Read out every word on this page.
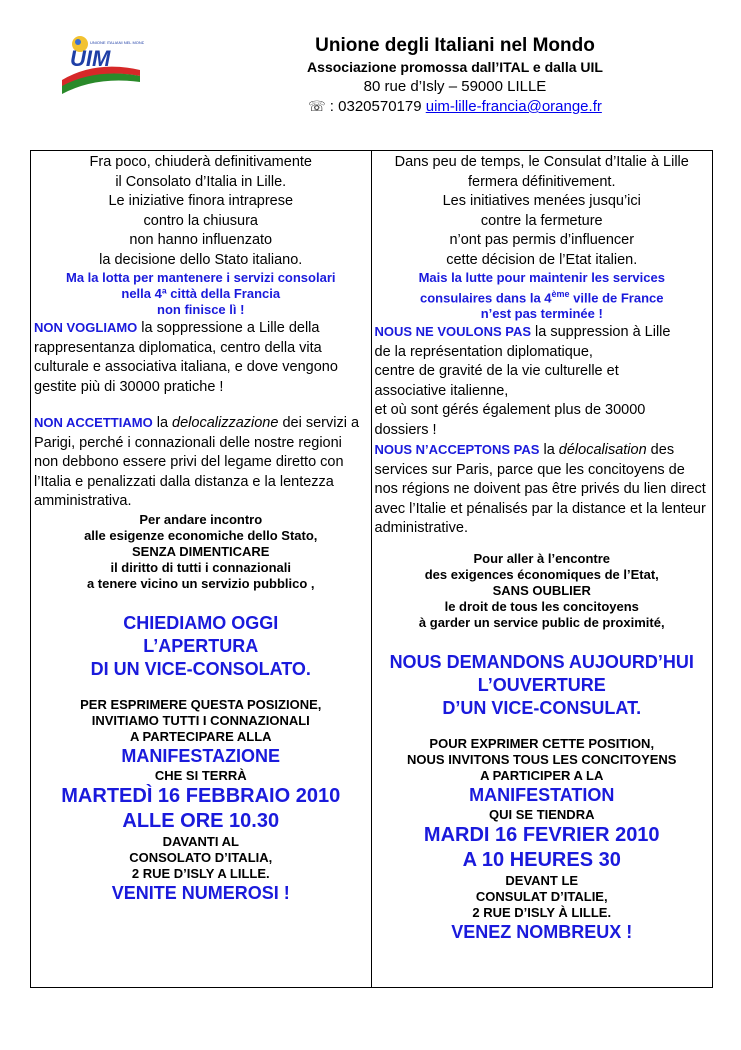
UIM
UNIONE ITALIANI NEL MONDO	Unione degli Italiani nel Mondo
Associazione promossa dall’ITAL e dalla UIL
80 rue d’Isly – 59000 LILLE
☏ : 0320570179 uim-lille-francia@orange.fr
Fra poco, chiuderà definitivamente
il Consolato d’Italia in Lille.
Le iniziative finora intraprese
contro la chiusura
non hanno influenzato
la decisione dello Stato italiano.
Ma la lotta per mantenere i servizi consolari
nella 4ª città della Francia
non finisce lì !
NON VOGLIAMO la soppressione a Lille della rappresentanza diplomatica, centro della vita culturale e associativa italiana, e dove vengono gestite più di 30000 pratiche !
NON ACCETTIAMO la delocalizzazione dei servizi a Parigi, perché i connazionali delle nostre regioni non debbono essere privi del legame diretto con l’Italia e penalizzati dalla distanza e la lentezza amministrativa.
Per andare incontro
alle esigenze economiche dello Stato,
SENZA DIMENTICARE
il diritto di tutti i connazionali
a tenere vicino un servizio pubblico ,
CHIEDIAMO OGGI
L’APERTURA
DI UN VICE-CONSOLATO.
PER ESPRIMERE QUESTA POSIZIONE,
INVITIAMO TUTTI I CONNAZIONALI
A PARTECIPARE ALLA
MANIFESTAZIONE
CHE SI TERRÀ
MARTEDÌ 16 FEBBRAIO 2010
ALLE ORE 10.30
DAVANTI AL
CONSOLATO D’ITALIA,
2 RUE D’ISLY A LILLE.
VENITE NUMEROSI !
Dans peu de temps, le Consulat d’Italie à Lille
fermera définitivement.
Les initiatives menées jusqu’ici
contre la fermeture
n’ont pas permis d’influencer
cette décision de l’Etat italien.
Mais la lutte pour maintenir les services
consulaires dans la 4ème ville de France
n’est pas terminée !
NOUS NE VOULONS PAS la suppression à Lille
de la représentation diplomatique,
centre de gravité de la vie culturelle et
associative italienne,
et où sont gérés également plus de 30000
dossiers !
NOUS N’ACCEPTONS PAS la délocalisation des services sur Paris, parce que les concitoyens de nos régions ne doivent pas être privés du lien direct avec l’Italie et pénalisés par la distance et la lenteur administrative.
Pour aller à l’encontre
des exigences économiques de l’Etat,
SANS OUBLIER
le droit de tous les concitoyens
à garder un service public de proximité,
NOUS DEMANDONS AUJOURD’HUI
L’OUVERTURE
D’UN VICE-CONSULAT.
POUR EXPRIMER CETTE POSITION,
NOUS INVITONS TOUS LES CONCITOYENS
A PARTICIPER A LA
MANIFESTATION
QUI SE TIENDRA
MARDI 16 FEVRIER 2010
A 10 HEURES 30
DEVANT LE
CONSULAT D’ITALIE,
2 RUE D’ISLY À LILLE.
VENEZ NOMBREUX !
